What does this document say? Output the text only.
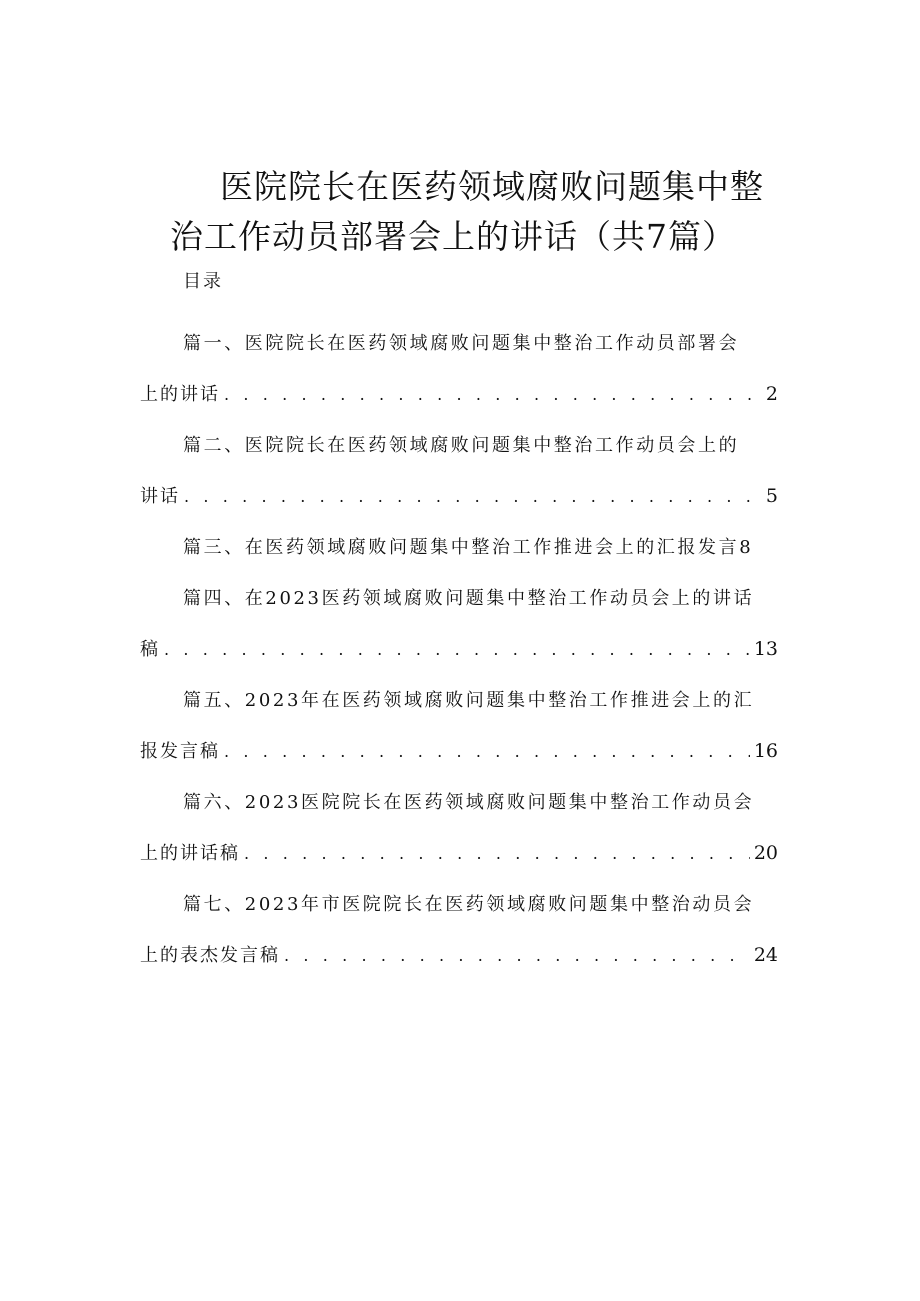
医院院长在医药领域腐败问题集中整
治工作动员部署会上的讲话（共7篇）
目录
篇一、医院院长在医药领域腐败问题集中整治工作动员部署会
上的讲话 . . .	2
篇二、医院院长在医药领域腐败问题集中整治工作动员会上的
讲话 . . .	5
篇三、在医药领域腐败问题集中整治工作推进会上的汇报发言8
篇四、在2023医药领域腐败问题集中整治工作动员会上的讲话
稿 . . .	13
篇五、2023年在医药领域腐败问题集中整治工作推进会上的汇
报发言稿 . . .	16
篇六、2023医院院长在医药领域腐败问题集中整治工作动员会
上的讲话稿 . . .	20
篇七、2023年市医院院长在医药领域腐败问题集中整治动员会
上的表杰发言稿 . . .	24
